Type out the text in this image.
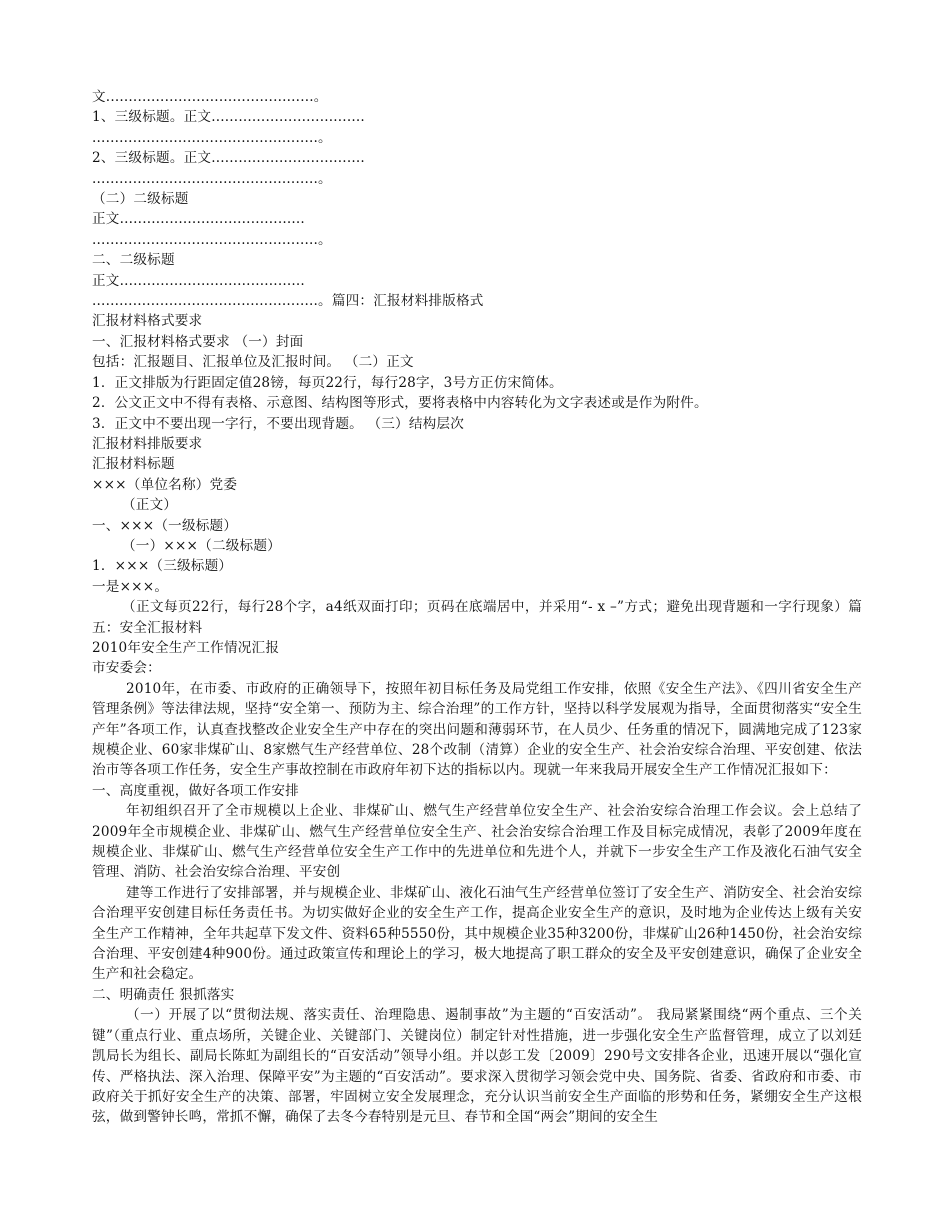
文..............................................。

1、三级标题。正文..................................

..................................................。

2、三级标题。正文..................................

..................................................。

（二）二级标题

正文.........................................

..................................................。

二、二级标题

正文.........................................

..................................................。篇四：汇报材料排版格式

汇报材料格式要求

一、汇报材料格式要求 （一）封面

包括：汇报题目、汇报单位及汇报时间。 （二）正文

1．正文排版为行距固定值28镑，每页22行，每行28字，3号方正仿宋简体。

2．公文正文中不得有表格、示意图、结构图等形式，要将表格中内容转化为文字表述或是作为附件。

3．正文中不要出现一字行，不要出现背题。 （三）结构层次

汇报材料排版要求

汇报材料标题

×××（单位名称）党委

（正文）

一、×××（一级标题）

（一）×××（二级标题）

1．×××（三级标题）

一是×××。

（正文每页22行，每行28个字，a4纸双面打印；页码在底端居中，并采用“- x –”方式；避免出现背题和一字行现象）篇五：安全汇报材料

2010年安全生产工作情况汇报

市安委会：

2010年，在市委、市政府的正确领导下，按照年初目标任务及局党组工作安排，依照《安全生产法》、《四川省安全生产管理条例》等法律法规，坚持“安全第一、预防为主、综合治理”的工作方针，坚持以科学发展观为指导，全面贯彻落实“安全生产年”各项工作，认真查找整改企业安全生产中存在的突出问题和薄弱环节，在人员少、任务重的情况下，圆满地完成了123家规模企业、60家非煤矿山、8家燃气生产经营单位、28个改制（清算）企业的安全生产、社会治安综合治理、平安创建、依法治市等各项工作任务，安全生产事故控制在市政府年初下达的指标以内。现就一年来我局开展安全生产工作情况汇报如下：

一、高度重视，做好各项工作安排

年初组织召开了全市规模以上企业、非煤矿山、燃气生产经营单位安全生产、社会治安综合治理工作会议。会上总结了2009年全市规模企业、非煤矿山、燃气生产经营单位安全生产、社会治安综合治理工作及目标完成情况，表彰了2009年度在规模企业、非煤矿山、燃气生产经营单位安全生产工作中的先进单位和先进个人，并就下一步安全生产工作及液化石油气安全管理、消防、社会治安综合治理、平安创

建等工作进行了安排部署，并与规模企业、非煤矿山、液化石油气生产经营单位签订了安全生产、消防安全、社会治安综合治理平安创建目标任务责任书。为切实做好企业的安全生产工作，提高企业安全生产的意识，及时地为企业传达上级有关安全生产工作精神，全年共起草下发文件、资料65种5550份，其中规模企业35种3200份，非煤矿山26种1450份，社会治安综合治理、平安创建4种900份。通过政策宣传和理论上的学习，极大地提高了职工群众的安全及平安创建意识，确保了企业安全生产和社会稳定。

二、明确责任 狠抓落实

（一）开展了以“贯彻法规、落实责任、治理隐患、遏制事故”为主题的“百安活动”。 我局紧紧围绕“两个重点、三个关键”（重点行业、重点场所，关键企业、关键部门、关键岗位）制定针对性措施，进一步强化安全生产监督管理，成立了以刘廷凯局长为组长、副局长陈虹为副组长的“百安活动”领导小组。并以彭工发〔2009〕290号文安排各企业，迅速开展以“强化宣传、严格执法、深入治理、保障平安”为主题的“百安活动”。要求深入贯彻学习领会党中央、国务院、省委、省政府和市委、市政府关于抓好安全生产的决策、部署，牢固树立安全发展理念，充分认识当前安全生产面临的形势和任务，紧绷安全生产这根弦，做到警钟长鸣，常抓不懈，确保了去冬今春特别是元旦、春节和全国“两会”期间的安全生
